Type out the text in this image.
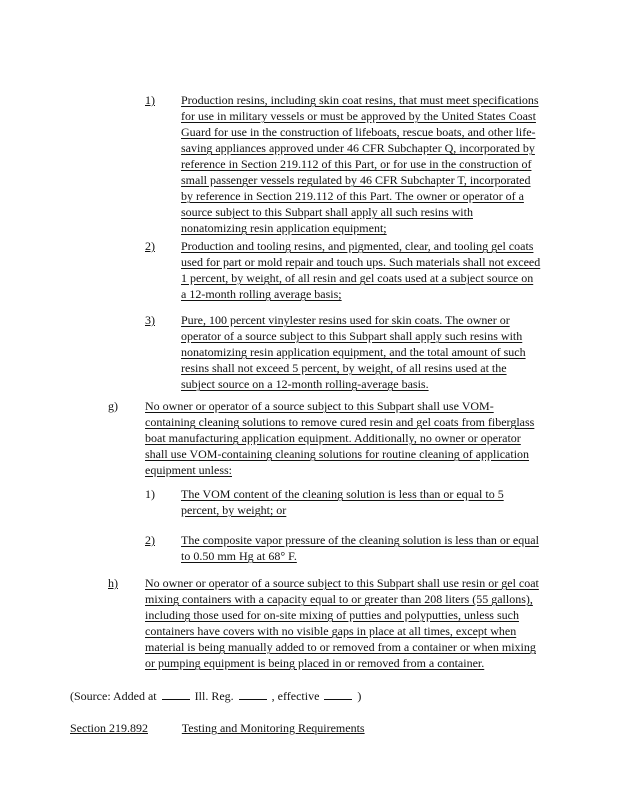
1) Production resins, including skin coat resins, that must meet specifications for use in military vessels or must be approved by the United States Coast Guard for use in the construction of lifeboats, rescue boats, and other life-saving appliances approved under 46 CFR Subchapter Q, incorporated by reference in Section 219.112 of this Part, or for use in the construction of small passenger vessels regulated by 46 CFR Subchapter T, incorporated by reference in Section 219.112 of this Part. The owner or operator of a source subject to this Subpart shall apply all such resins with nonatomizing resin application equipment;
2) Production and tooling resins, and pigmented, clear, and tooling gel coats used for part or mold repair and touch ups. Such materials shall not exceed 1 percent, by weight, of all resin and gel coats used at a subject source on a 12-month rolling average basis;
3) Pure, 100 percent vinylester resins used for skin coats. The owner or operator of a source subject to this Subpart shall apply such resins with nonatomizing resin application equipment, and the total amount of such resins shall not exceed 5 percent, by weight, of all resins used at the subject source on a 12-month rolling-average basis.
g) No owner or operator of a source subject to this Subpart shall use VOM-containing cleaning solutions to remove cured resin and gel coats from fiberglass boat manufacturing application equipment. Additionally, no owner or operator shall use VOM-containing cleaning solutions for routine cleaning of application equipment unless:
1) The VOM content of the cleaning solution is less than or equal to 5 percent, by weight; or
2) The composite vapor pressure of the cleaning solution is less than or equal to 0.50 mm Hg at 68° F.
h) No owner or operator of a source subject to this Subpart shall use resin or gel coat mixing containers with a capacity equal to or greater than 208 liters (55 gallons), including those used for on-site mixing of putties and polyputties, unless such containers have covers with no visible gaps in place at all times, except when material is being manually added to or removed from a container or when mixing or pumping equipment is being placed in or removed from a container.
(Source: Added at	Ill. Reg.	, effective	)
Section 219.892	Testing and Monitoring Requirements
